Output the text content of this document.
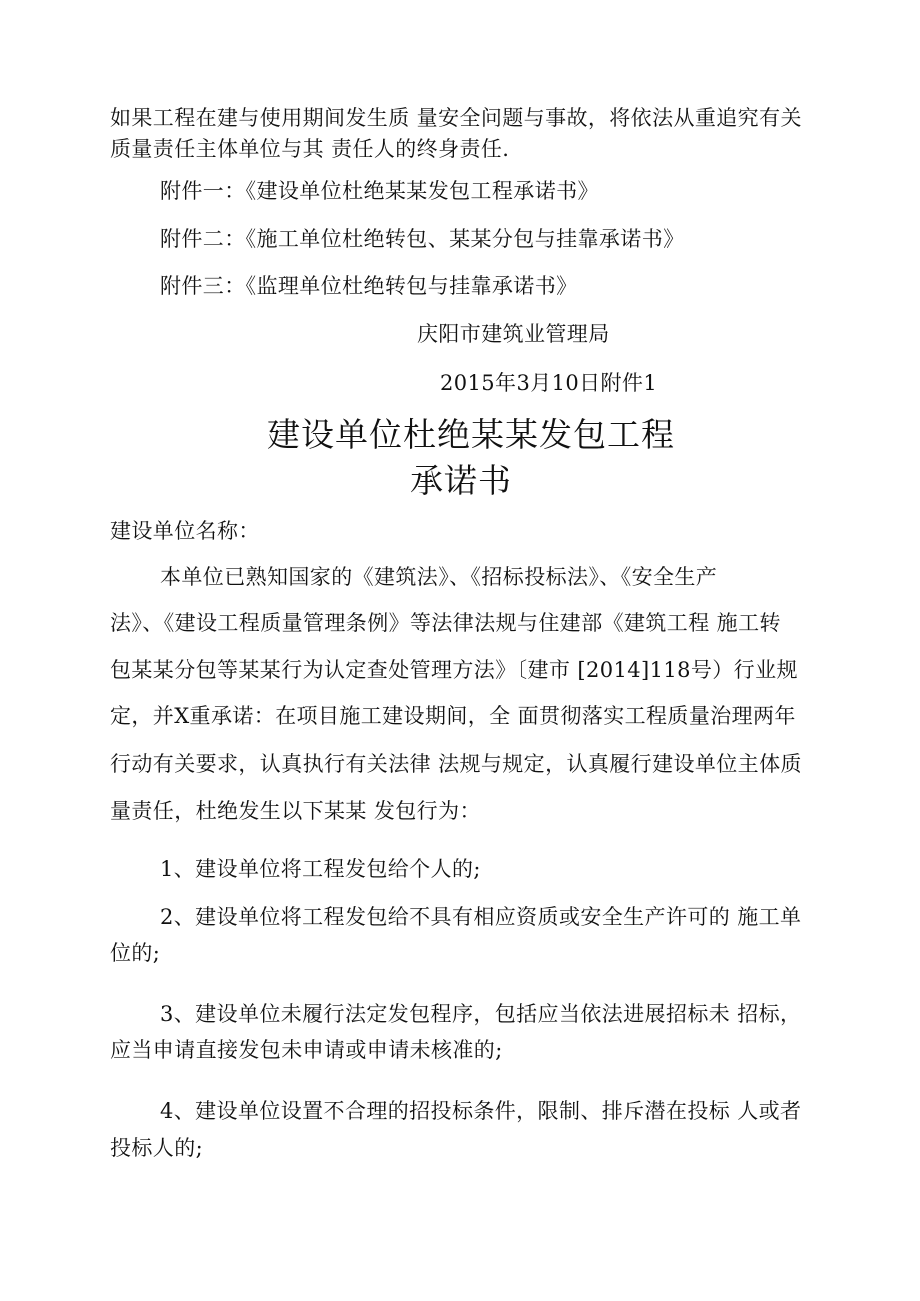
如果工程在建与使用期间发生质 量安全问题与事故，将依法从重追究有关

质量责任主体单位与其 责任人的终身责任.

附件一：《建设单位杜绝某某发包工程承诺书》

附件二：《施工单位杜绝转包、某某分包与挂靠承诺书》

附件三：《监理单位杜绝转包与挂靠承诺书》

庆阳市建筑业管理局

2015年3月10日附件1

建设单位杜绝某某发包工程
承诺书

建设单位名称：

本单位已熟知国家的《建筑法》、《招标投标法》、《安全生产

法》、《建设工程质量管理条例》等法律法规与住建部《建筑工程 施工转

包某某分包等某某行为认定查处管理方法》〔建市 [2014]118号）行业规

定，并X重承诺：在项目施工建设期间，全 面贯彻落实工程质量治理两年

行动有关要求，认真执行有关法律 法规与规定，认真履行建设单位主体质

量责任，杜绝发生以下某某 发包行为：

1、建设单位将工程发包给个人的;

2、建设单位将工程发包给不具有相应资质或安全生产许可的 施工单

位的;

3、建设单位未履行法定发包程序，包括应当依法进展招标未 招标，

应当申请直接发包未申请或申请未核准的;

4、建设单位设置不合理的招投标条件，限制、排斥潜在投标 人或者

投标人的;
